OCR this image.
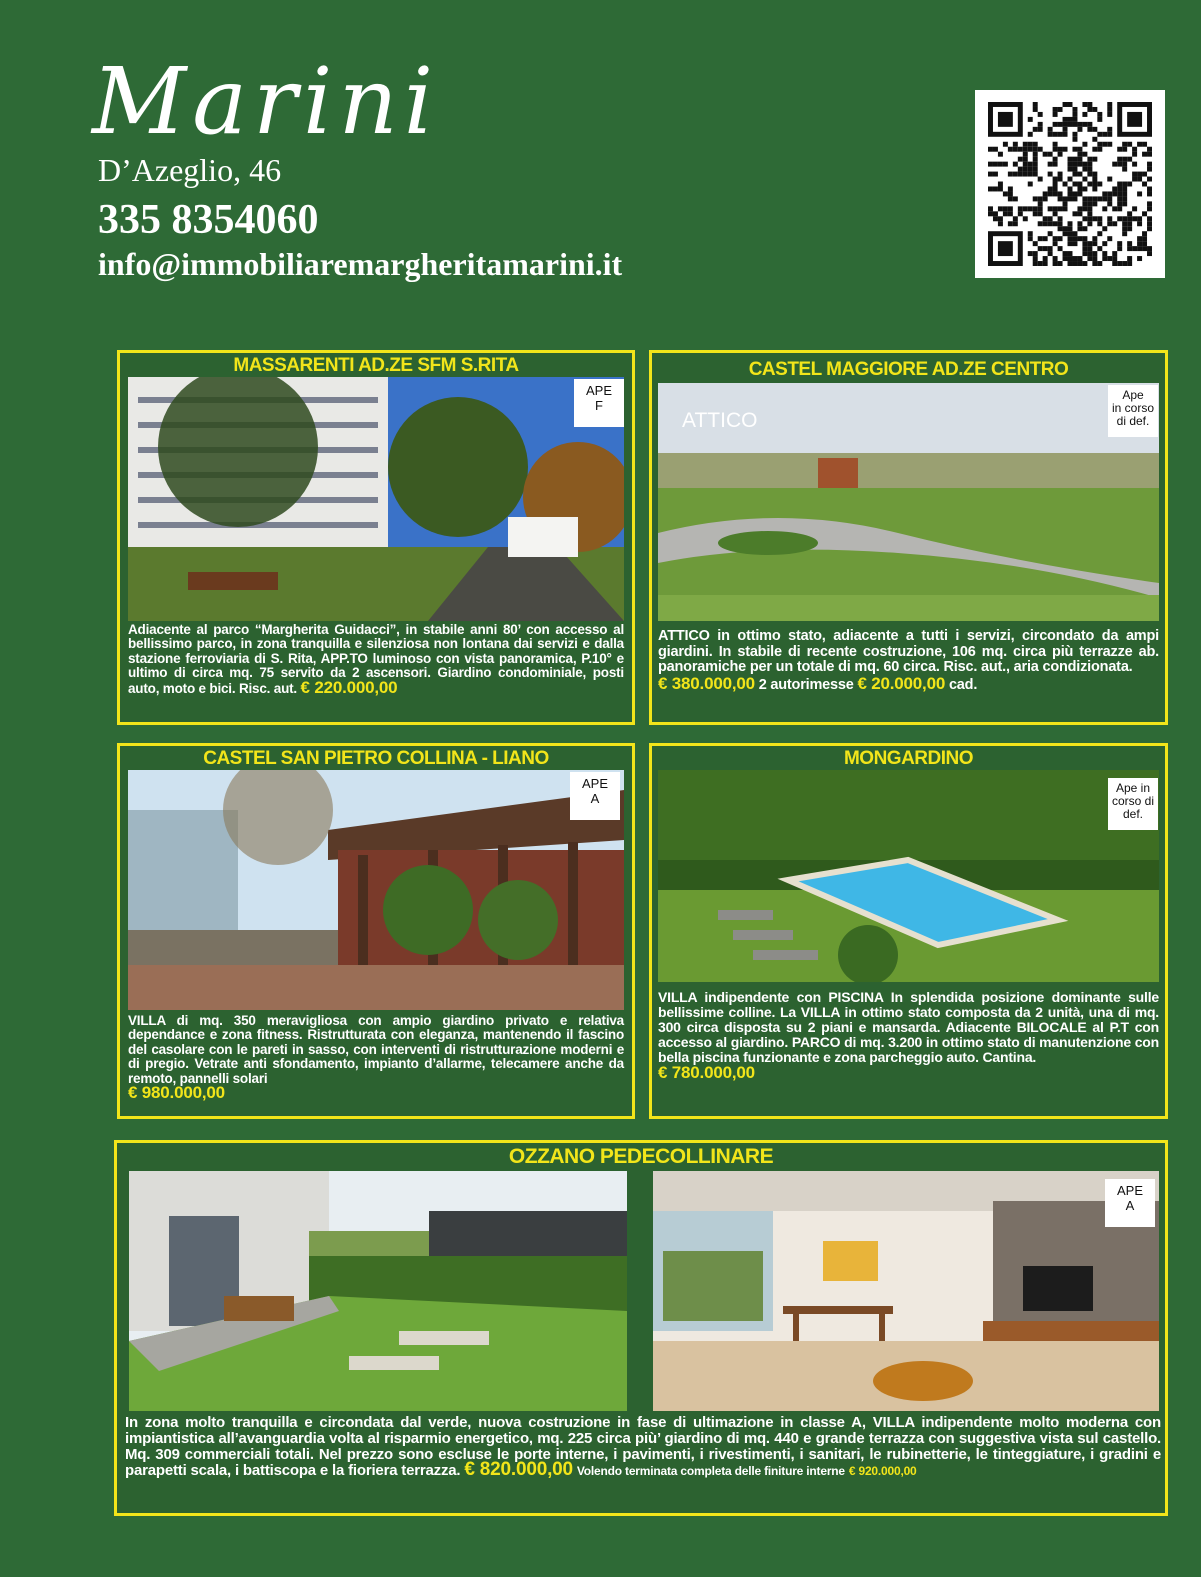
Marini
D’Azeglio, 46
335 8354060
info@immobiliaremargheritamarini.it
MASSARENTI AD.ZE SFM S.RITA
APE
F
Adiacente al parco “Margherita Guidacci”, in stabile anni 80’ con accesso al bellissimo parco, in zona tranquilla e silenziosa non lontana dai servizi e dalla stazione ferroviaria di S. Rita, APP.TO luminoso con vista panoramica, P.10° e ultimo di circa mq. 75 servito da 2 ascensori. Giardino condominiale, posti auto, moto e bici. Risc. aut. € 220.000,00
CASTEL MAGGIORE AD.ZE CENTRO
ATTICO
Ape
in corso
di def.
ATTICO in ottimo stato, adiacente a tutti i servizi, circondato da ampi giardini. In stabile di recente costruzione, 106 mq. circa più terrazze ab. panoramiche per un totale di mq. 60 circa. Risc. aut., aria condizionata.
€ 380.000,00 2 autorimesse € 20.000,00 cad.
CASTEL SAN PIETRO COLLINA - LIANO
APE
A
VILLA di mq. 350 meravigliosa con ampio giardino privato e relativa dependance e zona fitness. Ristrutturata con eleganza, mantenendo il fascino del casolare con le pareti in sasso, con interventi di ristrutturazione moderni e di pregio. Vetrate anti sfondamento, impianto d’allarme, telecamere anche da remoto, pannelli solari
€ 980.000,00
MONGARDINO
Ape in
corso di
def.
VILLA indipendente con PISCINA In splendida posizione dominante sulle bellissime colline. La VILLA in ottimo stato composta da 2 unità, una di mq. 300 circa disposta su 2 piani e mansarda. Adiacente BILOCALE al P.T con accesso al giardino. PARCO di mq. 3.200 in ottimo stato di manutenzione con bella piscina funzionante e zona parcheggio auto. Cantina.
€ 780.000,00
OZZANO PEDECOLLINARE
APE
A
In zona molto tranquilla e circondata dal verde, nuova costruzione in fase di ultimazione in classe A, VILLA indipendente molto moderna con impiantistica all’avanguardia volta al risparmio energetico, mq. 225 circa più’ giardino di mq. 440 e grande terrazza con suggestiva vista sul castello. Mq. 309 commerciali totali. Nel prezzo sono escluse le porte interne, i pavimenti, i rivestimenti, i sanitari, le rubinetterie, le tinteggiature, i gradini e parapetti scala, i battiscopa e la fioriera terrazza. € 820.000,00 Volendo terminata completa delle finiture interne € 920.000,00
